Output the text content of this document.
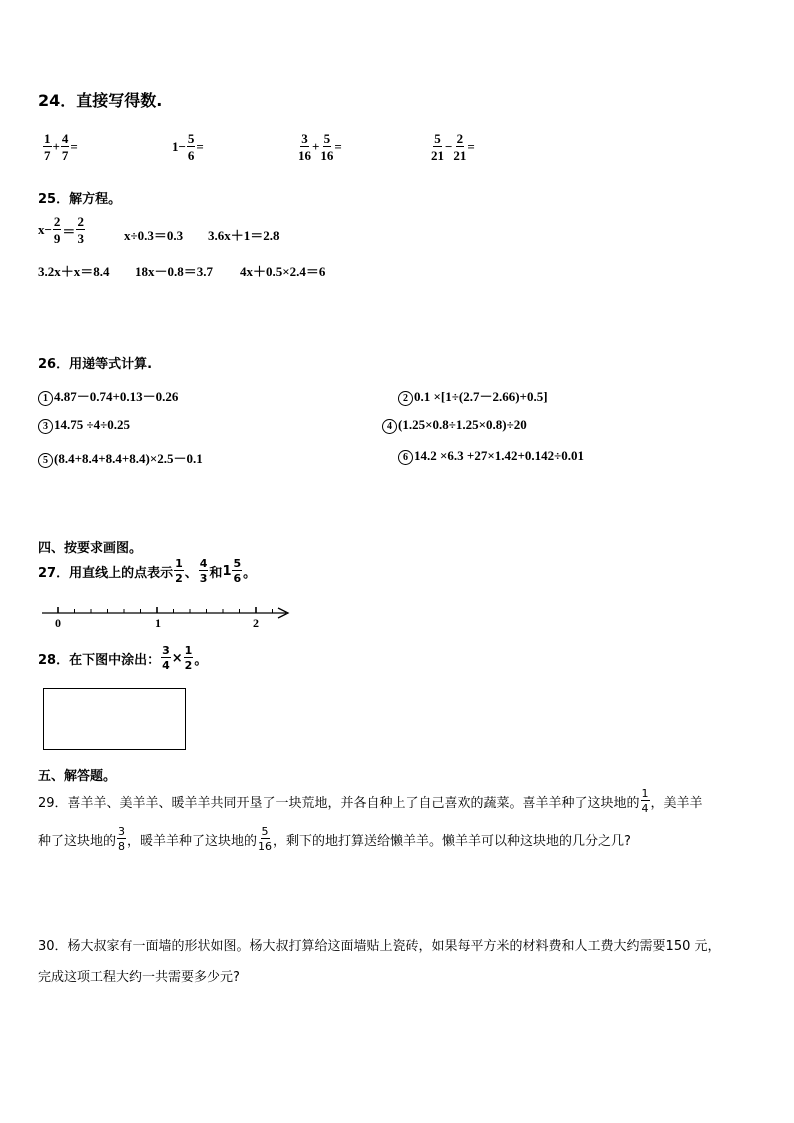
24．直接写得数.
$\frac{1}{7} + \frac{4}{7}$ =	$1- \frac{5}{6}$ =	$\frac{3}{16} + \frac{5}{16}$ =	$\frac{5}{21} - \frac{2}{21}$ =
25．解方程。
$x- \frac{2}{9} = \frac{2}{3}$	x÷0.3＝0.3 3.6x＋1＝2.8
3.2x＋x＝8.4 18x－0.8＝3.7 4x＋0.5×2.4＝6
26．用递等式计算.
1 4.87－0.74+0.13－0.26	2 0.1 ×[1÷(2.7－2.66)+0.5]
3 14.75 ÷4÷0.25	4 (1.25×0.8÷1.25×0.8)÷20
5 (8.4+8.4+8.4+8.4)×2.5－0.1	6 14.2 ×6.3 +27×1.42+0.142÷0.01
四、按要求画图。
27．用直线上的点表示 $\frac{1}{2}$ 、 $\frac{4}{3}$ 和$1 \frac{5}{6}$ 。
0	1	2
28．在下图中涂出： $\frac{3}{4} \times \frac{1}{2}$ 。
五、解答题。
29．喜羊羊、美羊羊、暖羊羊共同开垦了一块荒地，并各自种上了自己喜欢的蔬菜。喜羊羊种了这块地的 $\frac{1}{4}$ ，美羊羊
种了这块地的 $\frac{3}{8}$ ，暖羊羊种了这块地的 $\frac{5}{16}$ ，剩下的地打算送给懒羊羊。懒羊羊可以种这块地的几分之几?
30．杨大叔家有一面墙的形状如图。杨大叔打算给这面墙贴上瓷砖，如果每平方米的材料费和人工费大约需要150 元，
完成这项工程大约一共需要多少元?
